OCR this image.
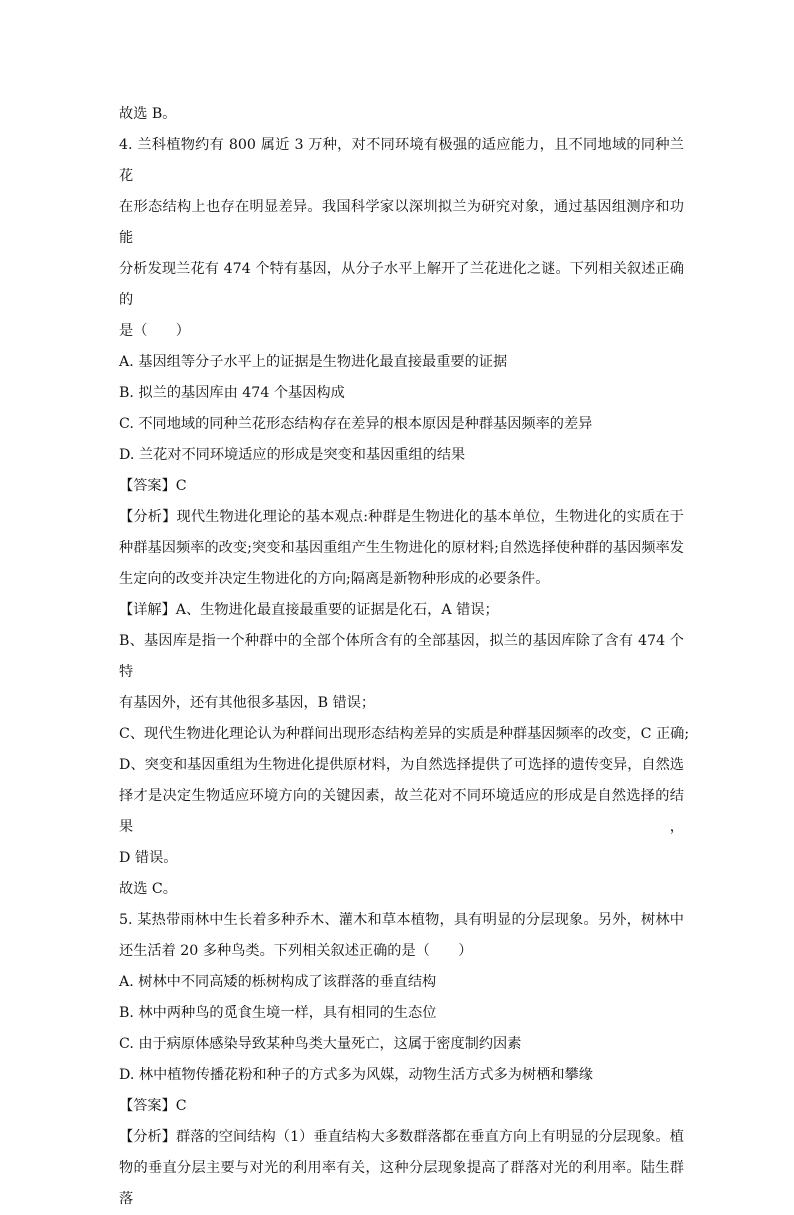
故选 B。
4. 兰科植物约有 800 属近 3 万种，对不同环境有极强的适应能力，且不同地域的同种兰花
在形态结构上也存在明显差异。我国科学家以深圳拟兰为研究对象，通过基因组测序和功能
分析发现兰花有 474 个特有基因，从分子水平上解开了兰花进化之谜。下列相关叙述正确的
是（　　）
A. 基因组等分子水平上的证据是生物进化最直接最重要的证据
B. 拟兰的基因库由 474 个基因构成
C. 不同地域的同种兰花形态结构存在差异的根本原因是种群基因频率的差异
D. 兰花对不同环境适应的形成是突变和基因重组的结果
【答案】C
【分析】现代生物进化理论的基本观点:种群是生物进化的基本单位，生物进化的实质在于
种群基因频率的改变;突变和基因重组产生生物进化的原材料;自然选择使种群的基因频率发
生定向的改变并决定生物进化的方向;隔离是新物种形成的必要条件。
【详解】A、生物进化最直接最重要的证据是化石，A 错误；
B、基因库是指一个种群中的全部个体所含有的全部基因，拟兰的基因库除了含有 474 个特
有基因外，还有其他很多基因，B 错误；
C、现代生物进化理论认为种群间出现形态结构差异的实质是种群基因频率的改变，C 正确;
D、突变和基因重组为生物进化提供原材料，为自然选择提供了可选择的遗传变异，自然选
择才是决定生物适应环境方向的关键因素，故兰花对不同环境适应的形成是自然选择的结果，
D 错误。
故选 C。
5. 某热带雨林中生长着多种乔木、灌木和草本植物，具有明显的分层现象。另外，树林中
还生活着 20 多种鸟类。下列相关叙述正确的是（　　）
A. 树林中不同高矮的栎树构成了该群落的垂直结构
B. 林中两种鸟的觅食生境一样，具有相同的生态位
C. 由于病原体感染导致某种鸟类大量死亡，这属于密度制约因素
D. 林中植物传播花粉和种子的方式多为风媒，动物生活方式多为树栖和攀缘
【答案】C
【分析】群落的空间结构（1）垂直结构大多数群落都在垂直方向上有明显的分层现象。植
物的垂直分层主要与对光的利用率有关，这种分层现象提高了群落对光的利用率。陆生群落
